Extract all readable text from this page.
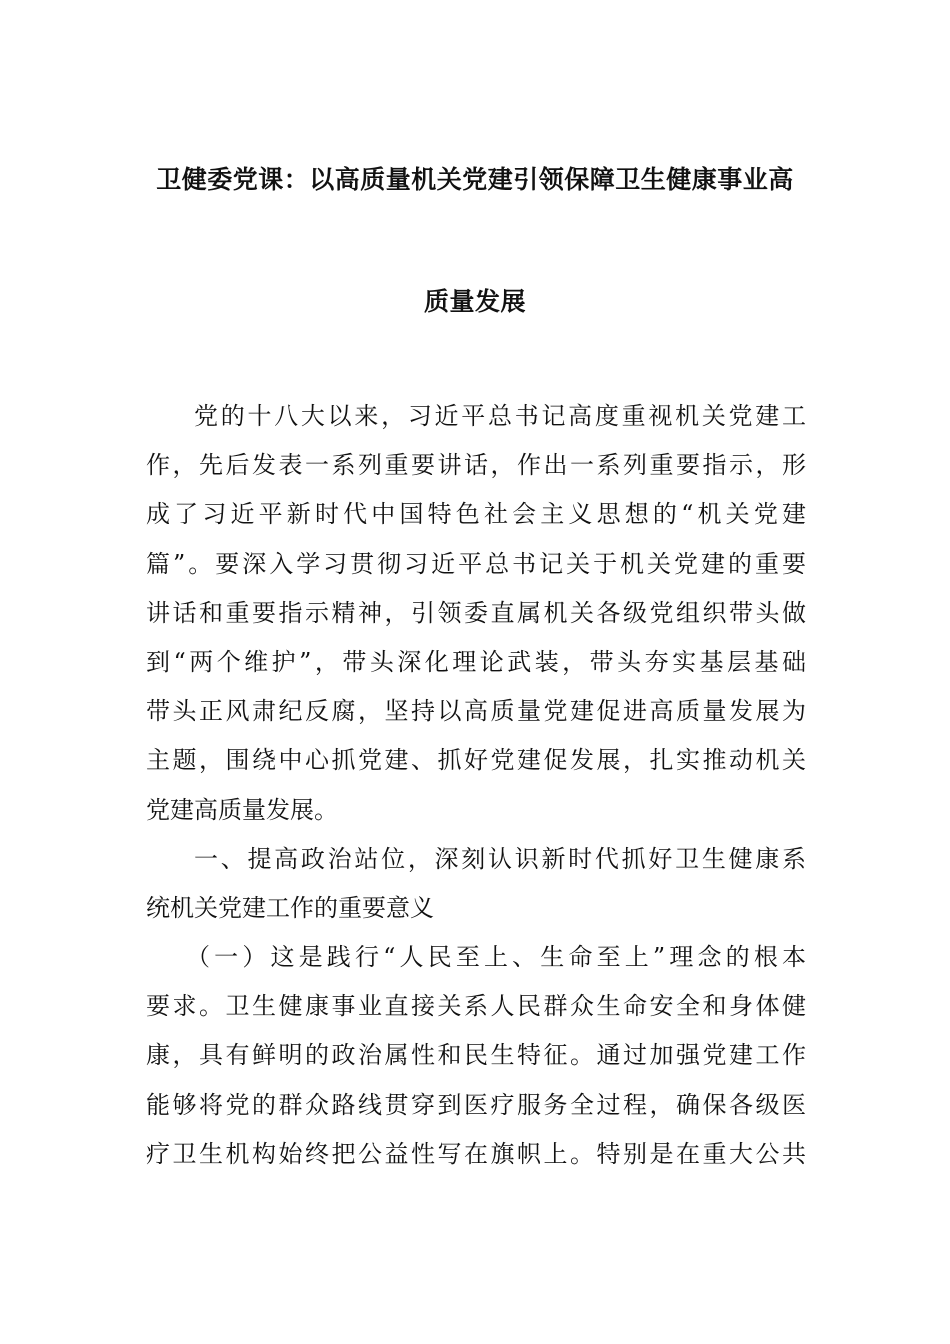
卫健委党课：以高质量机关党建引领保障卫生健康事业高
质量发展
党的十八大以来，习近平总书记高度重视机关党建工
作，先后发表一系列重要讲话，作出一系列重要指示，形
成了习近平新时代中国特色社会主义思想的“机关党建
篇”。要深入学习贯彻习近平总书记关于机关党建的重要
讲话和重要指示精神，引领委直属机关各级党组织带头做
到“两个维护”，带头深化理论武装，带头夯实基层基础
带头正风肃纪反腐，坚持以高质量党建促进高质量发展为
主题，围绕中心抓党建、抓好党建促发展，扎实推动机关
党建高质量发展。
一、提高政治站位，深刻认识新时代抓好卫生健康系
统机关党建工作的重要意义
（一）这是践行“人民至上、生命至上”理念的根本
要求。卫生健康事业直接关系人民群众生命安全和身体健
康，具有鲜明的政治属性和民生特征。通过加强党建工作
能够将党的群众路线贯穿到医疗服务全过程，确保各级医
疗卫生机构始终把公益性写在旗帜上。特别是在重大公共
